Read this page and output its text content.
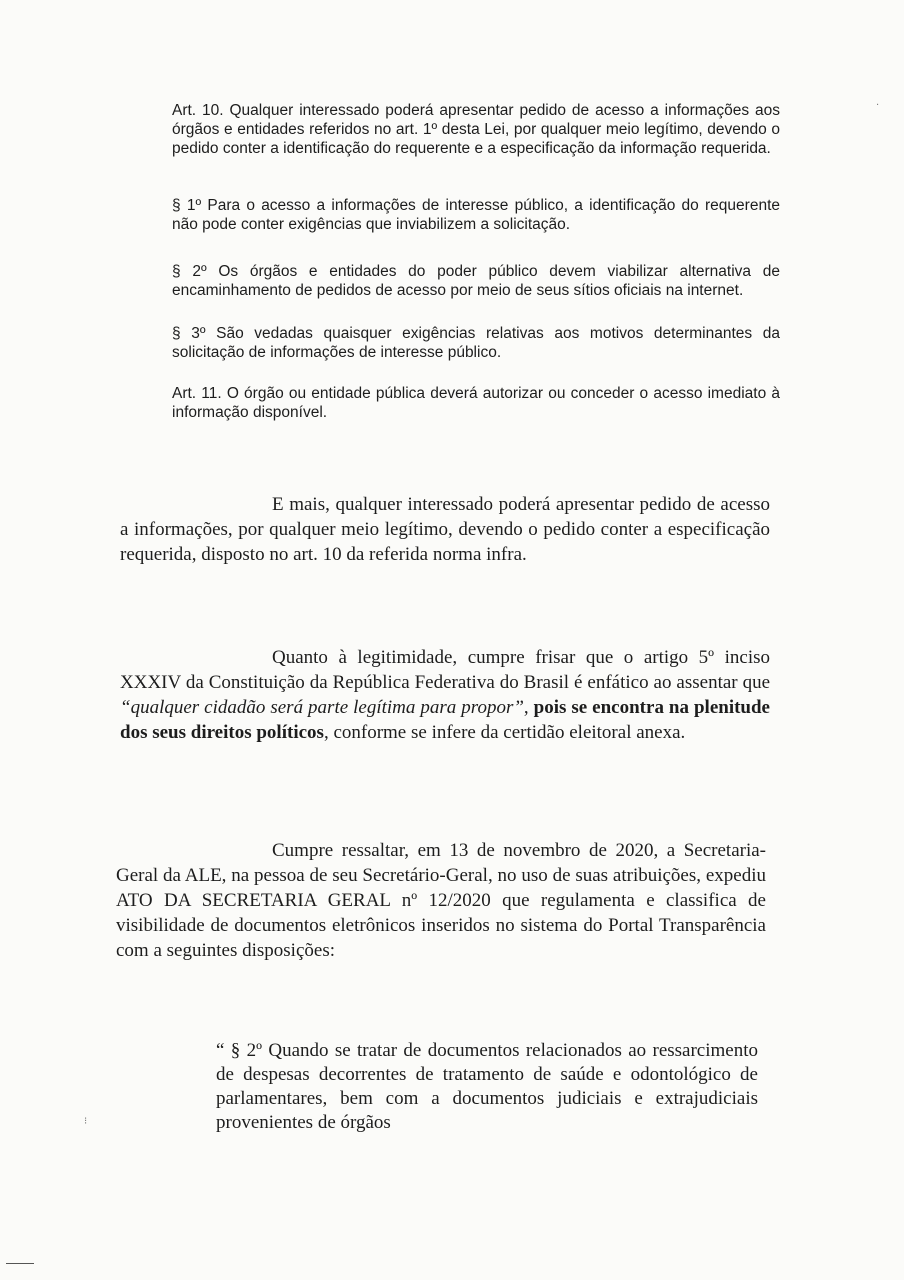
Art. 10. Qualquer interessado poderá apresentar pedido de acesso a informações aos órgãos e entidades referidos no art. 1º desta Lei, por qualquer meio legítimo, devendo o pedido conter a identificação do requerente e a especificação da informação requerida.

§ 1º Para o acesso a informações de interesse público, a identificação do requerente não pode conter exigências que inviabilizem a solicitação.

§ 2º Os órgãos e entidades do poder público devem viabilizar alternativa de encaminhamento de pedidos de acesso por meio de seus sítios oficiais na internet.

§ 3º São vedadas quaisquer exigências relativas aos motivos determinantes da solicitação de informações de interesse público.

Art. 11. O órgão ou entidade pública deverá autorizar ou conceder o acesso imediato à informação disponível.

E mais, qualquer interessado poderá apresentar pedido de acesso a informações, por qualquer meio legítimo, devendo o pedido conter a especificação requerida, disposto no art. 10 da referida norma infra.

Quanto à legitimidade, cumpre frisar que o artigo 5º inciso XXXIV da Constituição da República Federativa do Brasil é enfático ao assentar que “qualquer cidadão será parte legítima para propor”, pois se encontra na plenitude dos seus direitos políticos, conforme se infere da certidão eleitoral anexa.

Cumpre ressaltar, em 13 de novembro de 2020, a Secretaria- Geral da ALE, na pessoa de seu Secretário-Geral, no uso de suas atribuições, expediu ATO DA SECRETARIA GERAL nº 12/2020 que regulamenta e classifica de visibilidade de documentos eletrônicos inseridos no sistema do Portal Transparência com a seguintes disposições:

“ § 2º Quando se tratar de documentos relacionados ao ressarcimento de despesas decorrentes de tratamento de saúde e odontológico de parlamentares, bem com a documentos judiciais e extrajudiciais provenientes de órgãos

·
⁝
